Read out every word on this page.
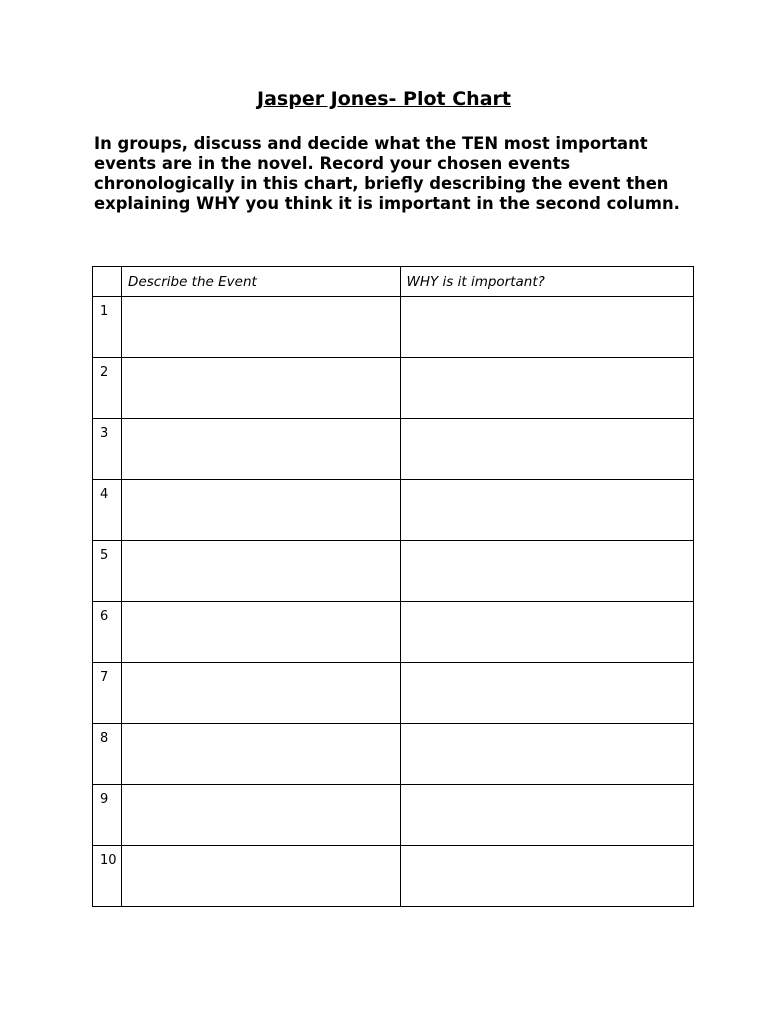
Jasper Jones- Plot Chart

In groups, discuss and decide what the TEN most important events are in the novel. Record your chosen events chronologically in this chart, briefly describing the event then explaining WHY you think it is important in the second column.

	Describe the Event	WHY is it important?

1		

2		

3		

4		

5		

6		

7		

8		

9		

10		
